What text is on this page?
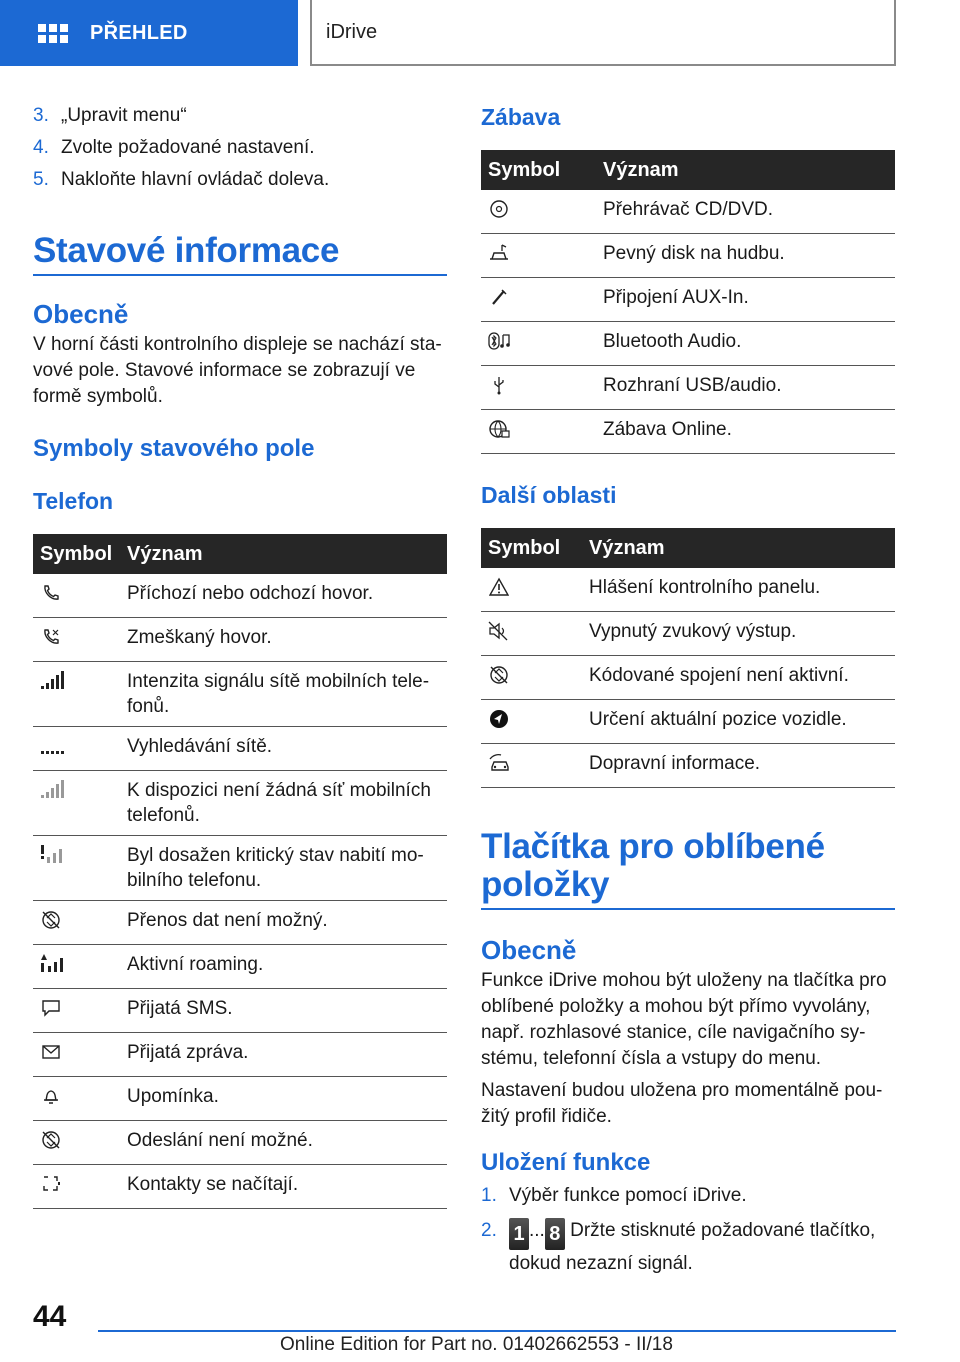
PŘEHLED	iDrive
3. „Upravit menu“
4. Zvolte požadované nastavení.
5. Nakloňte hlavní ovládač doleva.
Stavové informace
Obecně

V horní části kontrolního displeje se nachází sta-vové pole. Stavové informace se zobrazují ve formě symbolů.

Symboly stavového pole
Telefon
Symbol	Význam
	Příchozí nebo odchozí hovor.
	Zmeškaný hovor.
	Intenzita signálu sítě mobilních tele-fonů.
	Vyhledávání sítě.
	K dispozici není žádná síť mobilních telefonů.
	Byl dosažen kritický stav nabití mo-bilního telefonu.
	Přenos dat není možný.
	Aktivní roaming.
	Přijatá SMS.
	Přijatá zpráva.
	Upomínka.
	Odeslání není možné.
	Kontakty se načítají.
Zábava
Symbol	Význam
	Přehrávač CD/DVD.
	Pevný disk na hudbu.
	Připojení AUX-In.
	Bluetooth Audio.
	Rozhraní USB/audio.
	Zábava Online.
Další oblasti
Symbol	Význam
	Hlášení kontrolního panelu.
	Vypnutý zvukový výstup.
	Kódované spojení není aktivní.
	Určení aktuální pozice vozidle.
	Dopravní informace.
Tlačítka pro oblíbené položky
Obecně

Funkce iDrive mohou být uloženy na tlačítka pro oblíbené položky a mohou být přímo vyvolány, např. rozhlasové stanice, cíle navigačního sy-stému, telefonní čísla a vstupy do menu.

Nastavení budou uložena pro momentálně pou-žitý profil řidiče.

Uložení funkce
1. Výběr funkce pomocí iDrive.
2. 1 ... 8 Držte stisknuté požadované tlačítko, dokud nezazní signál.
44
Online Edition for Part no. 01402662553 - II/18
